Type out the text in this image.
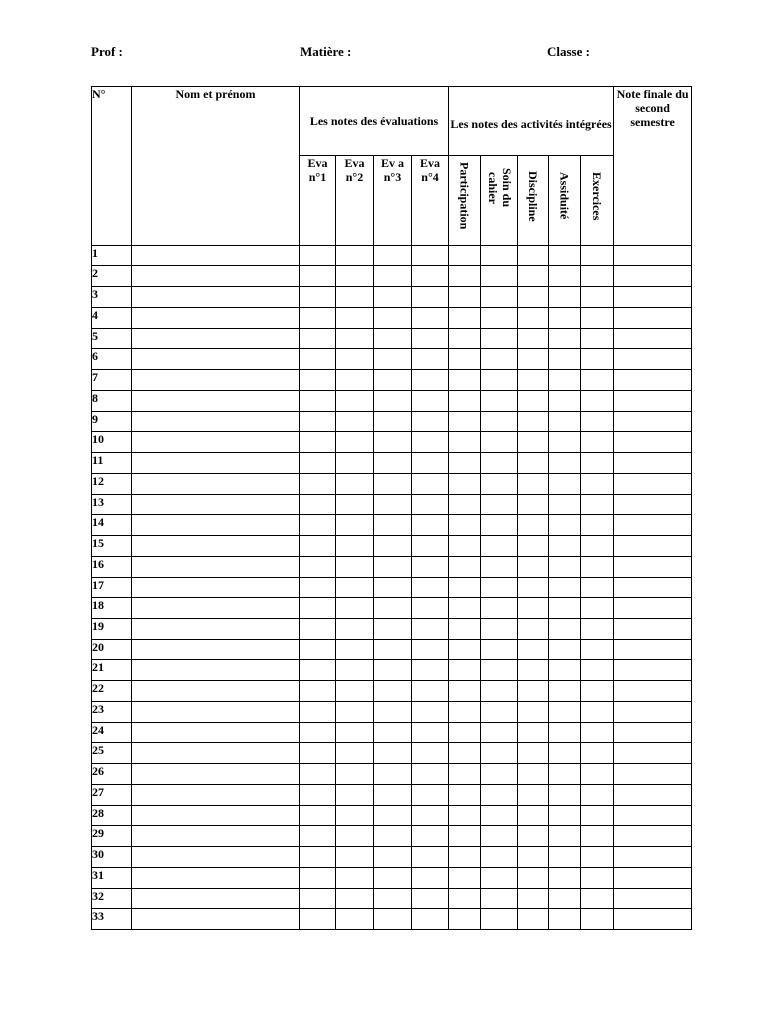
Prof :	Matière :	Classe :
N°	Nom et prénom	Les notes des évaluations				Les notes des activités intégrées					Note finale du second semestre
		Eva n°1	Eva n°2	Ev a n°3	Eva n°4	Participation	Soin du cahier	Discipline	Assiduité	Exercices	

1											
2											
3											
4											
5											
6											
7											
8											
9											
10											
11											
12											
13											
14											
15											
16											
17											
18											
19											
20											
21											
22											
23											
24											
25											
26											
27											
28											
29											
30											
31											
32											
33											
